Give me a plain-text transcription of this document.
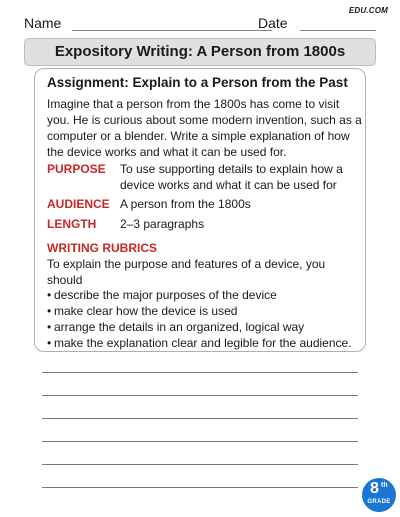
EDU.COM
Name	Date
Expository Writing: A Person from 1800s
Assignment: Explain to a Person from the Past

Imagine that a person from the 1800s has come to visit you. He is curious about some modern invention, such as a computer or a blender. Write a simple explanation of how the device works and what it can be used for.

PURPOSE To use supporting details to explain how a device works and what it can be used for
AUDIENCE A person from the 1800s
LENGTH 2–3 paragraphs
WRITING RUBRICS

To explain the purpose and features of a device, you should

• describe the major purposes of the device
• make clear how the device is used
• arrange the details in an organized, logical way
• make the explanation clear and legible for the audience.
8 th
GRADE
